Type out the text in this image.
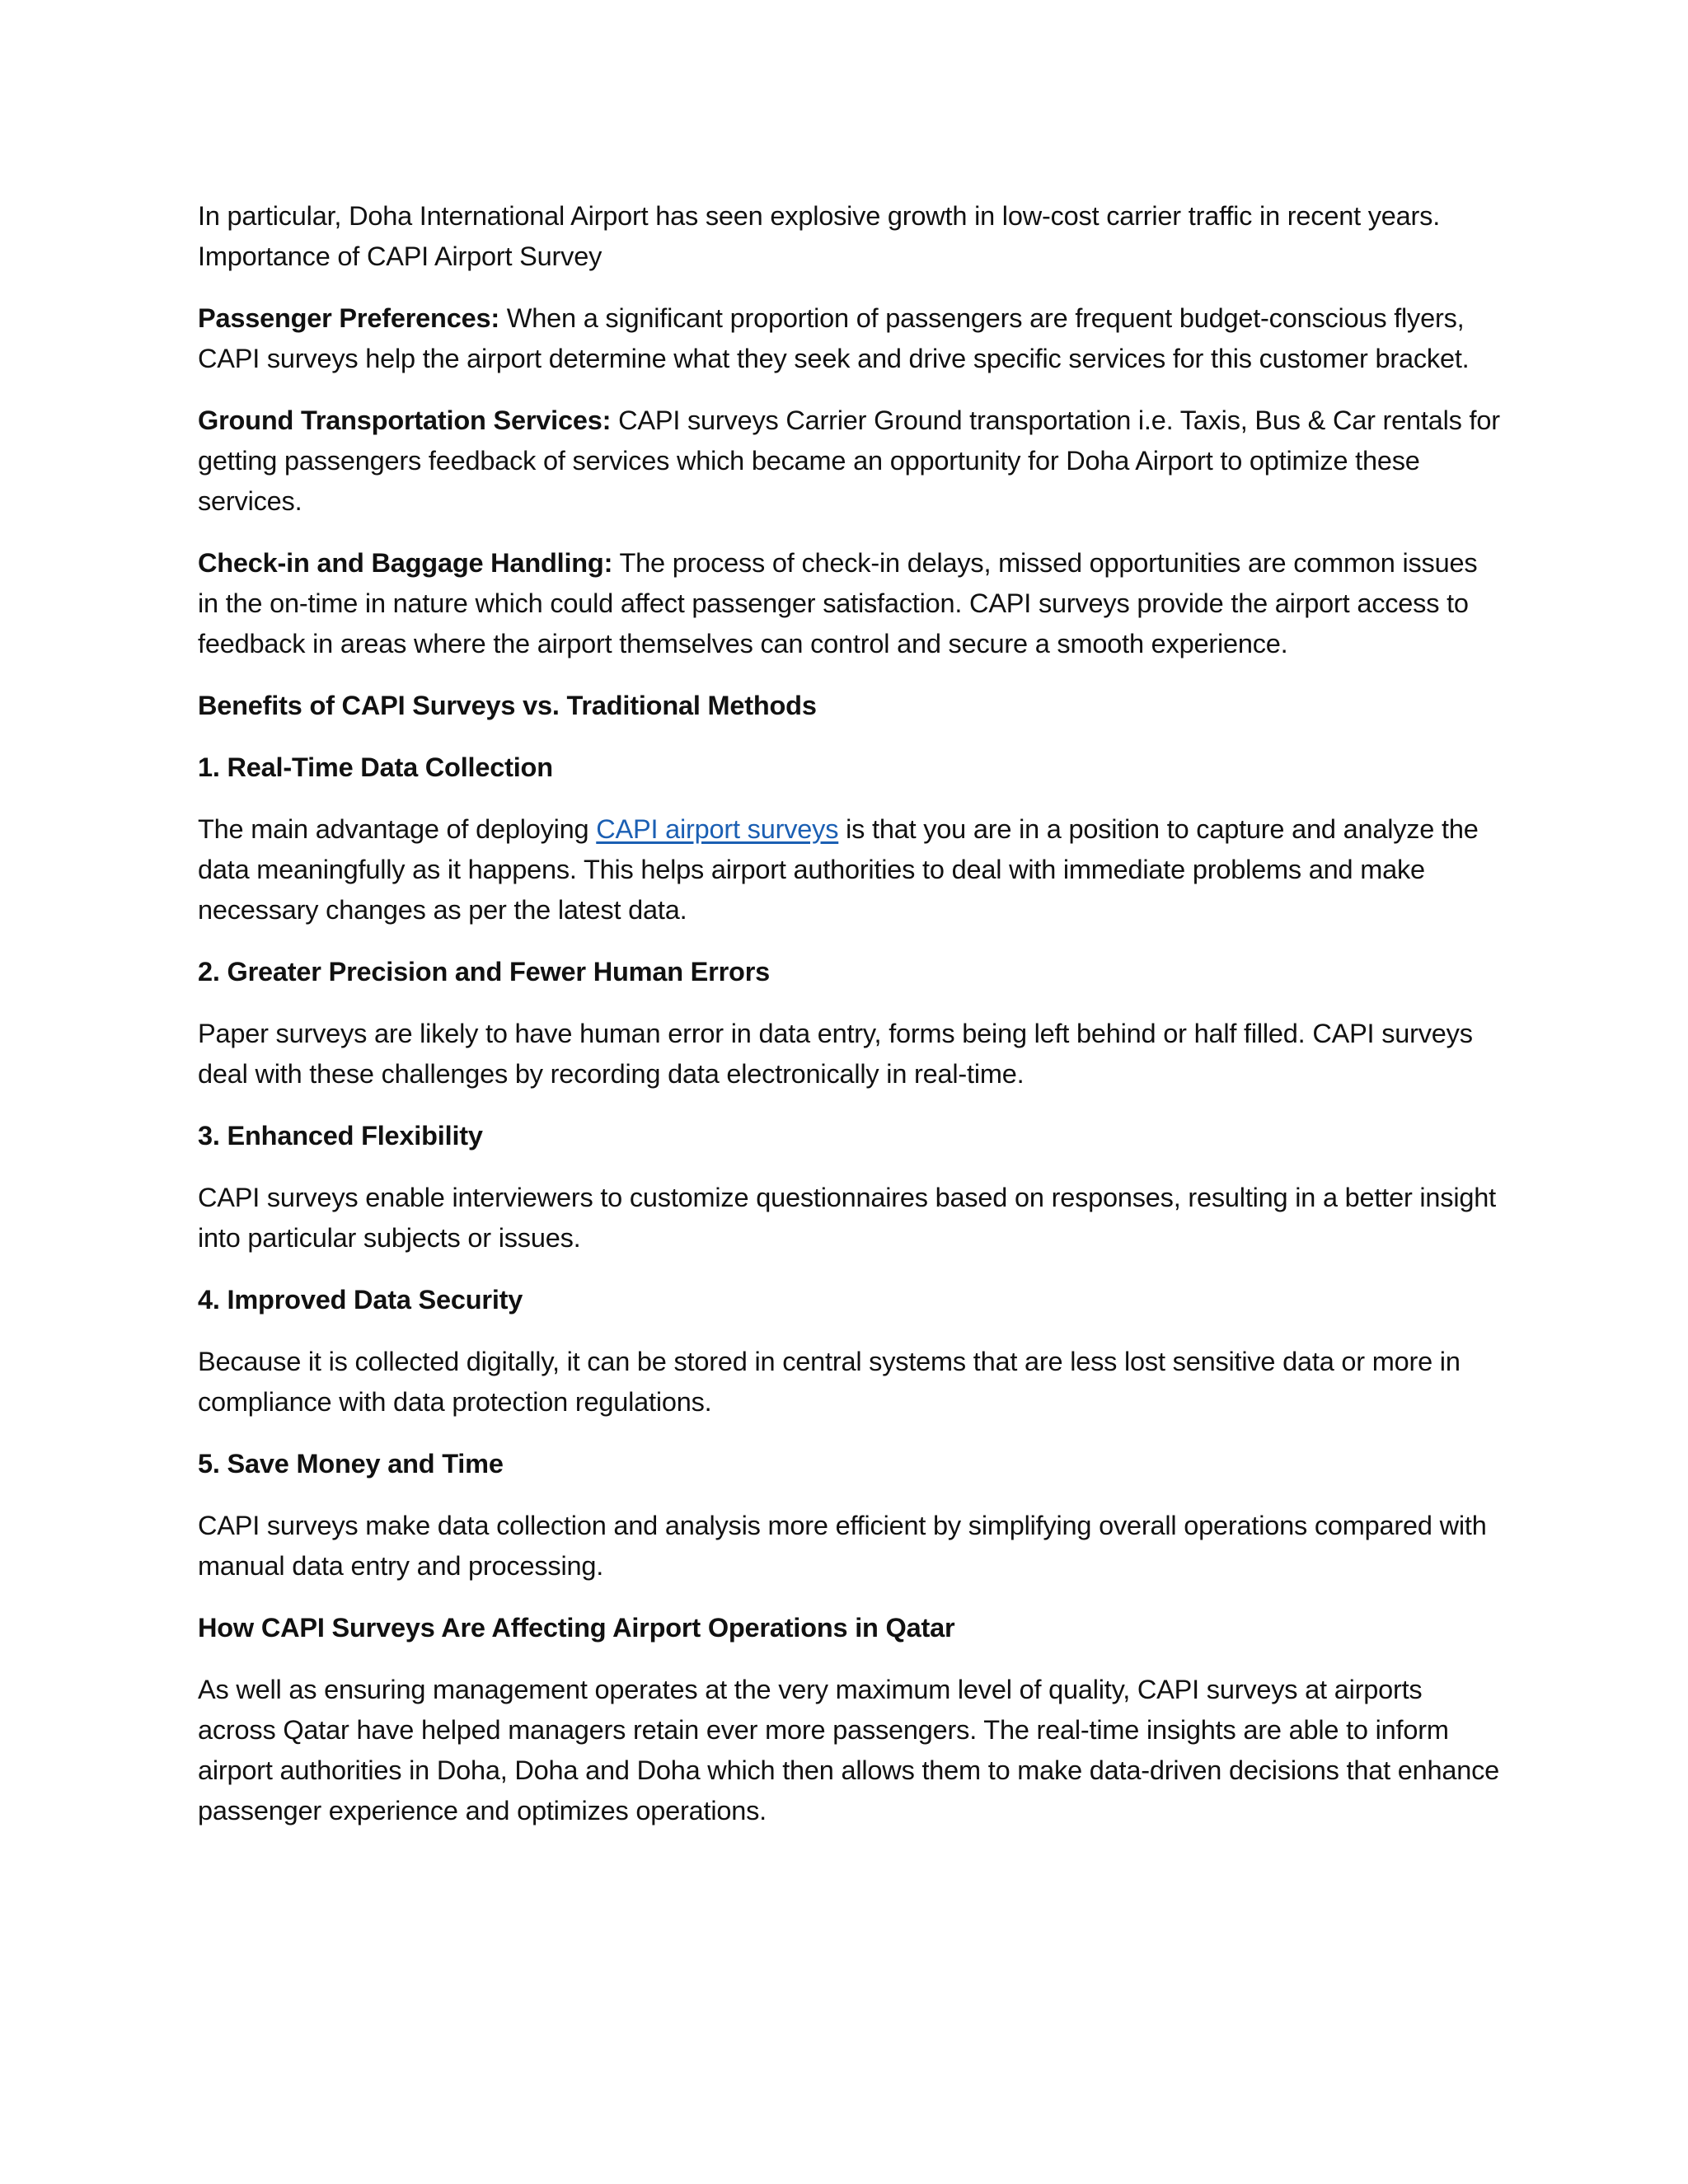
In particular, Doha International Airport has seen explosive growth in low-cost carrier traffic in recent years. Importance of CAPI Airport Survey

Passenger Preferences: When a significant proportion of passengers are frequent budget-conscious flyers, CAPI surveys help the airport determine what they seek and drive specific services for this customer bracket.

Ground Transportation Services: CAPI surveys Carrier Ground transportation i.e. Taxis, Bus & Car rentals for getting passengers feedback of services which became an opportunity for Doha Airport to optimize these services.

Check-in and Baggage Handling: The process of check-in delays, missed opportunities are common issues in the on-time in nature which could affect passenger satisfaction. CAPI surveys provide the airport access to feedback in areas where the airport themselves can control and secure a smooth experience.

Benefits of CAPI Surveys vs. Traditional Methods

1. Real-Time Data Collection

The main advantage of deploying CAPI airport surveys is that you are in a position to capture and analyze the data meaningfully as it happens. This helps airport authorities to deal with immediate problems and make necessary changes as per the latest data.

2. Greater Precision and Fewer Human Errors

Paper surveys are likely to have human error in data entry, forms being left behind or half filled. CAPI surveys deal with these challenges by recording data electronically in real-time.

3. Enhanced Flexibility

CAPI surveys enable interviewers to customize questionnaires based on responses, resulting in a better insight into particular subjects or issues.

4. Improved Data Security

Because it is collected digitally, it can be stored in central systems that are less lost sensitive data or more in compliance with data protection regulations.

5. Save Money and Time

CAPI surveys make data collection and analysis more efficient by simplifying overall operations compared with manual data entry and processing.

How CAPI Surveys Are Affecting Airport Operations in Qatar

As well as ensuring management operates at the very maximum level of quality, CAPI surveys at airports across Qatar have helped managers retain ever more passengers. The real-time insights are able to inform airport authorities in Doha, Doha and Doha which then allows them to make data-driven decisions that enhance passenger experience and optimizes operations.
